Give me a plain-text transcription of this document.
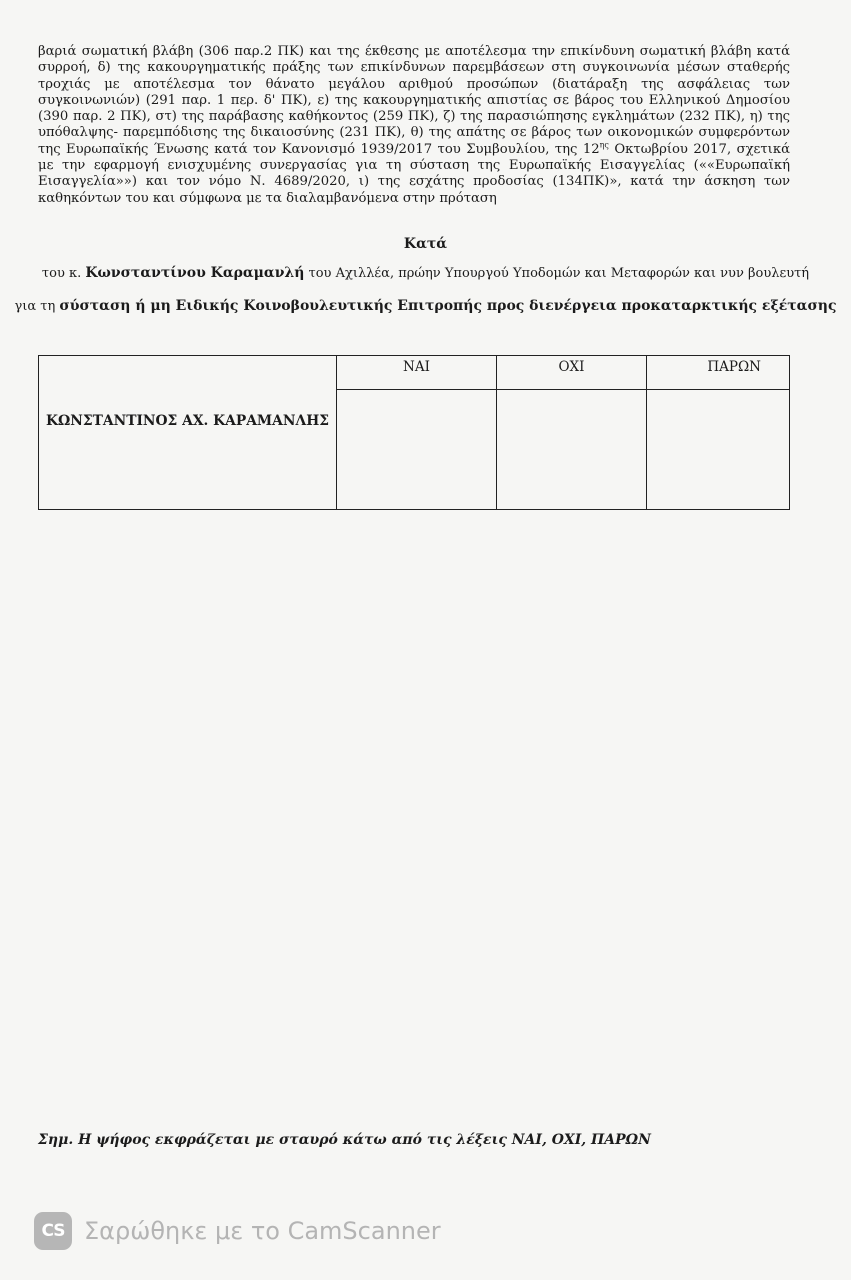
βαριά σωματική βλάβη (306 παρ.2 ΠΚ) και της έκθεσης με αποτέλεσμα την επικίνδυνη σωματική βλάβη κατά συρροή, δ) της κακουργηματικής πράξης των επικίνδυνων παρεμβάσεων στη συγκοινωνία μέσων σταθερής τροχιάς με αποτέλεσμα τον θάνατο μεγάλου αριθμού προσώπων (διατάραξη της ασφάλειας των συγκοινωνιών) (291 παρ. 1 περ. δ' ΠΚ), ε) της κακουργηματικής απιστίας σε βάρος του Ελληνικού Δημοσίου (390 παρ. 2 ΠΚ), στ) της παράβασης καθήκοντος (259 ΠΚ), ζ) της παρασιώπησης εγκλημάτων (232 ΠΚ), η) της υπόθαλψης- παρεμπόδισης της δικαιοσύνης (231 ΠΚ), θ) της απάτης σε βάρος των οικονομικών συμφερόντων της Ευρωπαϊκής Ένωσης κατά τον Κανονισμό 1939/2017 του Συμβουλίου, της $12^{\eta\varsigma}$ Οκτωβρίου 2017, σχετικά με την εφαρμογή ενισχυμένης συνεργασίας για τη σύσταση της Ευρωπαϊκής Εισαγγελίας (««Ευρωπαϊκή Εισαγγελία»») και τον νόμο Ν. 4689/2020, ι) της εσχάτης προδοσίας (134ΠΚ)», κατά την άσκηση των καθηκόντων του και σύμφωνα με τα διαλαμβανόμενα στην πρόταση

Κατά

του κ. Κωνσταντίνου Καραμανλή του Αχιλλέα, πρώην Υπουργού Υποδομών και Μεταφορών και νυν βουλευτή

για τη σύσταση ή μη Ειδικής Κοινοβουλευτικής Επιτροπής προς διενέργεια προκαταρκτικής εξέτασης

ΚΩΝΣΤΑΝΤΙΝΟΣ ΑΧ. ΚΑΡΑΜΑΝΛΗΣ	ΝΑΙ	ΟΧΙ	ΠΑΡΩΝ

Σημ. Η ψήφος εκφράζεται με σταυρό κάτω από τις λέξεις ΝΑΙ, ΟΧΙ, ΠΑΡΩΝ

CS Σαρώθηκε με το CamScanner
